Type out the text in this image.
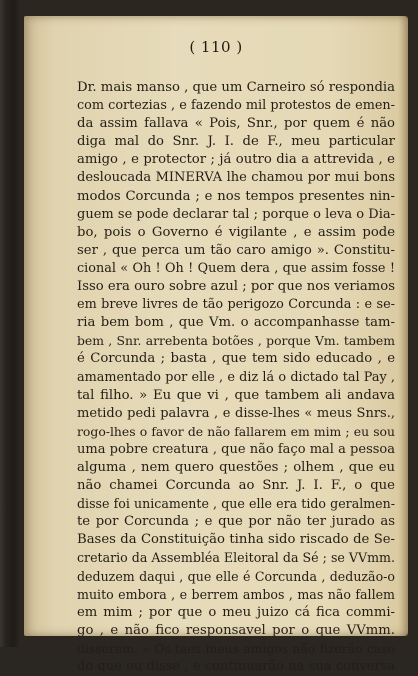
( 110 )
Dr. mais manso , que um Carneiro só respondia
com cortezias , e fazendo mil protestos de emen-
da assim fallava « Pois, Snr., por quem é não
diga mal do Snr. J. I. de F., meu particular
amigo , e protector ; já outro dia a attrevida , e
desloucada MINERVA lhe chamou por mui bons
modos Corcunda ; e nos tempos presentes nin-
guem se pode declarar tal ; porque o leva o Dia-
bo, pois o Governo é vigilante , e assim pode
ser , que perca um tão caro amigo ». Constitu-
cional « Oh ! Oh ! Quem dera , que assim fosse !
Isso era ouro sobre azul ; por que nos veriamos
em breve livres de tão perigozo Corcunda : e se-
ria bem bom , que Vm. o accompanhasse tam-
bem , Snr. arrebenta botões , porque Vm. tambem
é Corcunda ; basta , que tem sido educado , e
amamentado por elle , e diz lá o dictado tal Pay ,
tal filho. » Eu que vi , que tambem ali andava
metido pedi palavra , e disse-lhes « meus Snrs.,
rogo-lhes o favor de não fallarem em mim ; eu sou
uma pobre creatura , que não faço mal a pessoa
alguma , nem quero questões ; olhem , que eu
não chamei Corcunda ao Snr. J. I. F., o que
disse foi unicamente , que elle era tido geralmen-
te por Corcunda ; e que por não ter jurado as
Bases da Constituição tinha sido riscado de Se-
cretario da Assembléa Eleitoral da Sé ; se VVmm.
deduzem daqui , que elle é Corcunda , deduzão-o
muito embora , e berrem ambos , mas não fallem
em mim ; por que o meu juizo cá fica commi-
go , e não fico responsavel por o que VVmm.
disserem. » Os taes meus amigos não fizerão caso
do que eu disse , e continuarão na sua conversa
